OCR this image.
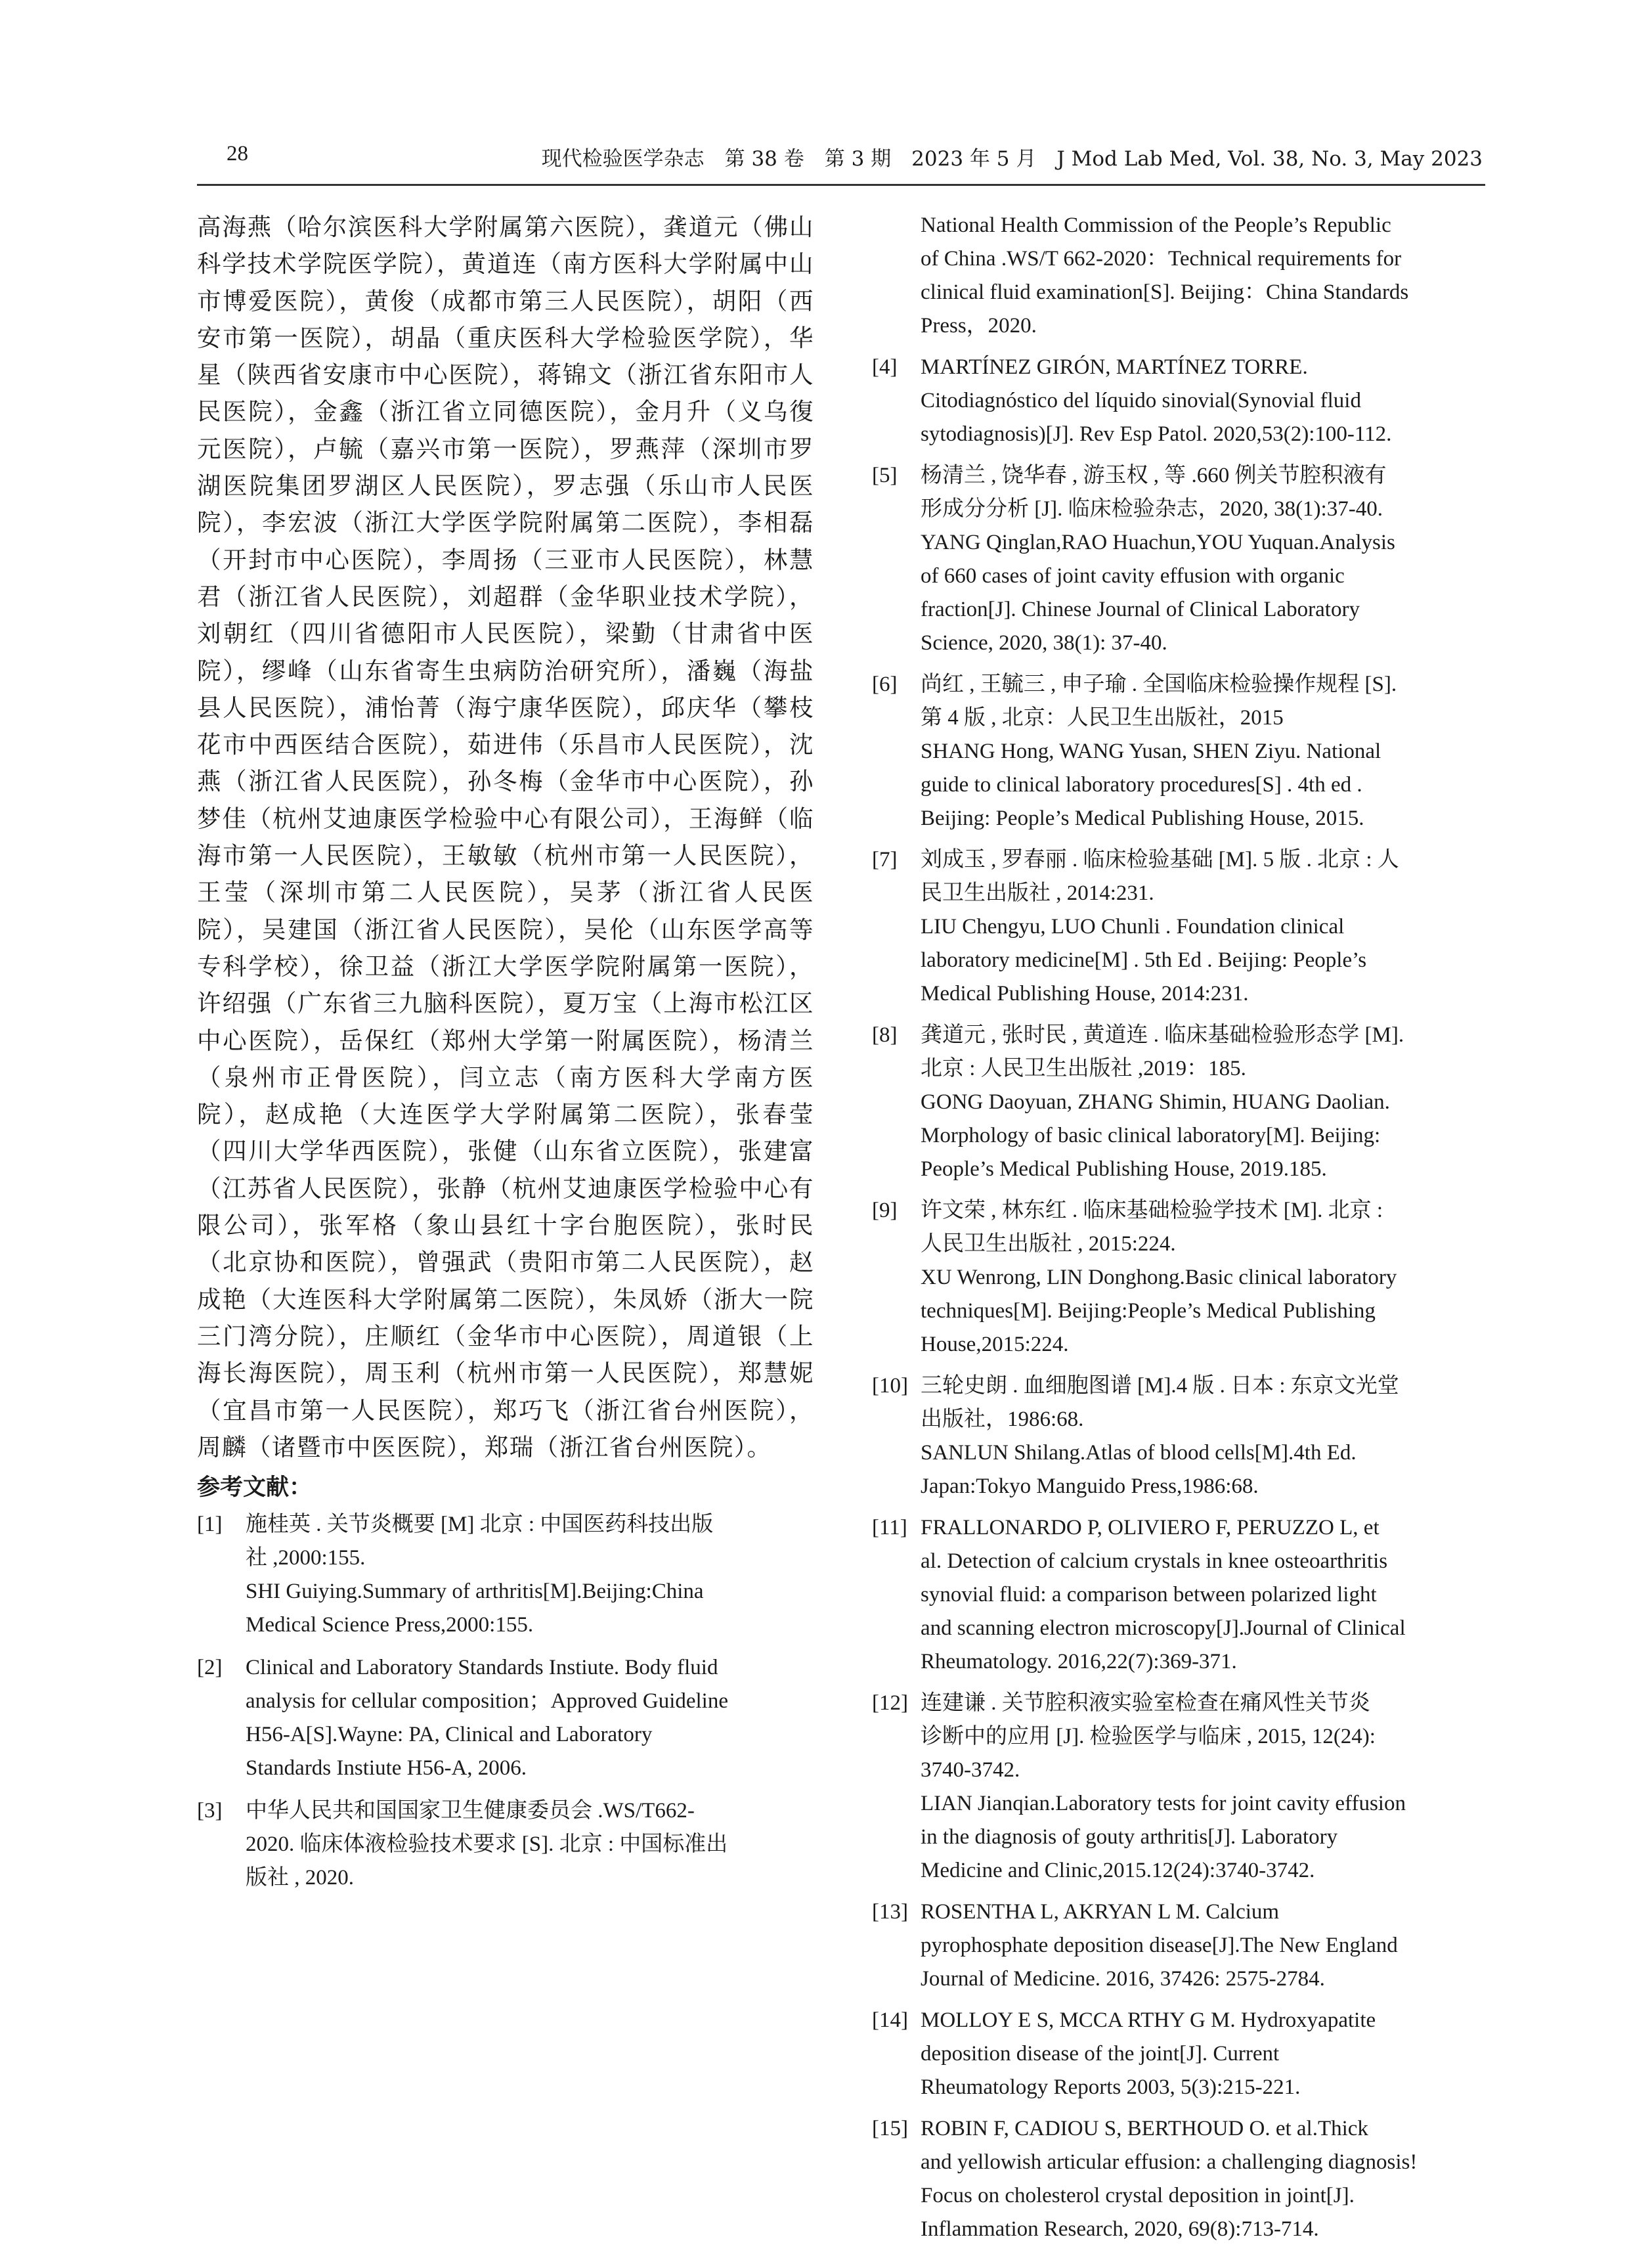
28	现代检验医学杂志　第 38 卷　第 3 期　2023 年 5 月　J Mod Lab Med, Vol. 38, No. 3, May 2023

高海燕（哈尔滨医科大学附属第六医院），龚道元（佛山科学技术学院医学院），黄道连（南方医科大学附属中山市博爱医院），黄俊（成都市第三人民医院），胡阳（西安市第一医院），胡晶（重庆医科大学检验医学院），华星（陕西省安康市中心医院），蒋锦文（浙江省东阳市人民医院），金鑫（浙江省立同德医院），金月升（义乌復元医院），卢毓（嘉兴市第一医院），罗燕萍（深圳市罗湖医院集团罗湖区人民医院），罗志强（乐山市人民医院），李宏波（浙江大学医学院附属第二医院），李相磊（开封市中心医院），李周扬（三亚市人民医院），林慧君（浙江省人民医院），刘超群（金华职业技术学院），刘朝红（四川省德阳市人民医院），梁勤（甘肃省中医院），缪峰（山东省寄生虫病防治研究所），潘巍（海盐县人民医院），浦怡菁（海宁康华医院），邱庆华（攀枝花市中西医结合医院），茹进伟（乐昌市人民医院），沈燕（浙江省人民医院），孙冬梅（金华市中心医院），孙梦佳（杭州艾迪康医学检验中心有限公司），王海鲜（临海市第一人民医院），王敏敏（杭州市第一人民医院），王莹（深圳市第二人民医院），吴茅（浙江省人民医院），吴建国（浙江省人民医院），吴伦（山东医学高等专科学校），徐卫益（浙江大学医学院附属第一医院），许绍强（广东省三九脑科医院），夏万宝（上海市松江区中心医院），岳保红（郑州大学第一附属医院），杨清兰（泉州市正骨医院），闫立志（南方医科大学南方医院），赵成艳（大连医学大学附属第二医院），张春莹（四川大学华西医院），张健（山东省立医院），张建富（江苏省人民医院），张静（杭州艾迪康医学检验中心有限公司），张军格（象山县红十字台胞医院），张时民（北京协和医院），曾强武（贵阳市第二人民医院），赵成艳（大连医科大学附属第二医院），朱凤娇（浙大一院三门湾分院），庄顺红（金华市中心医院），周道银（上海长海医院），周玉利（杭州市第一人民医院），郑慧妮（宜昌市第一人民医院），郑巧飞（浙江省台州医院），周麟（诸暨市中医医院），郑瑞（浙江省台州医院）。

参考文献：
[1]	施桂英 . 关节炎概要 [M] 北京 : 中国医药科技出版
社 ,2000:155.
SHI Guiying.Summary of arthritis[M].Beijing:China
Medical Science Press,2000:155.
[2]	Clinical and Laboratory Standards Instiute. Body fluid
analysis for cellular composition；Approved Guideline
H56-A[S].Wayne: PA, Clinical and Laboratory
Standards Instiute H56-A, 2006.
[3]	中华人民共和国国家卫生健康委员会 .WS/T662-
2020. 临床体液检验技术要求 [S]. 北京 : 中国标准出
版社 , 2020.
National Health Commission of the People’s Republic
of China .WS/T 662-2020：Technical requirements for
clinical fluid examination[S]. Beijing：China Standards
Press，2020.
[4]	MARTÍNEZ GIRÓN, MARTÍNEZ TORRE.
Citodiagnóstico del líquido sinovial(Synovial fluid
sytodiagnosis)[J]. Rev Esp Patol. 2020,53(2):100-112.
[5]	杨清兰 , 饶华春 , 游玉权 , 等 .660 例关节腔积液有
形成分分析 [J]. 临床检验杂志，2020, 38(1):37-40.
YANG Qinglan,RAO Huachun,YOU Yuquan.Analysis
of 660 cases of joint cavity effusion with organic
fraction[J]. Chinese Journal of Clinical Laboratory
Science, 2020, 38(1): 37-40.
[6]	尚红 , 王毓三 , 申子瑜 . 全国临床检验操作规程 [S].
第 4 版 , 北京：人民卫生出版社，2015
SHANG Hong, WANG Yusan, SHEN Ziyu. National
guide to clinical laboratory procedures[S] . 4th ed .
Beijing: People’s Medical Publishing House, 2015.
[7]	刘成玉 , 罗春丽 . 临床检验基础 [M]. 5 版 . 北京 : 人
民卫生出版社 , 2014:231.
LIU Chengyu, LUO Chunli . Foundation clinical
laboratory medicine[M] . 5th Ed . Beijing: People’s
Medical Publishing House, 2014:231.
[8]	龚道元 , 张时民 , 黄道连 . 临床基础检验形态学 [M].
北京 : 人民卫生出版社 ,2019：185.
GONG Daoyuan, ZHANG Shimin, HUANG Daolian.
Morphology of basic clinical laboratory[M]. Beijing:
People’s Medical Publishing House, 2019.185.
[9]	许文荣 , 林东红 . 临床基础检验学技术 [M]. 北京 :
人民卫生出版社 , 2015:224.
XU Wenrong, LIN Donghong.Basic clinical laboratory
techniques[M]. Beijing:People’s Medical Publishing
House,2015:224.
[10] 三轮史朗 . 血细胞图谱 [M].4 版 . 日本 : 东京文光堂
出版社，1986:68.
SANLUN Shilang.Atlas of blood cells[M].4th Ed.
Japan:Tokyo Manguido Press,1986:68.
[11] FRALLONARDO P, OLIVIERO F, PERUZZO L, et
al. Detection of calcium crystals in knee osteoarthritis
synovial fluid: a comparison between polarized light
and scanning electron microscopy[J].Journal of Clinical
Rheumatology. 2016,22(7):369-371.
[12] 连建谦 . 关节腔积液实验室检查在痛风性关节炎
诊断中的应用 [J]. 检验医学与临床 , 2015, 12(24):
3740-3742.
LIAN Jianqian.Laboratory tests for joint cavity effusion
in the diagnosis of gouty arthritis[J]. Laboratory
Medicine and Clinic,2015.12(24):3740-3742.
[13] ROSENTHA L, AKRYAN L M. Calcium
pyrophosphate deposition disease[J].The New England
Journal of Medicine. 2016, 37426: 2575-2784.
[14] MOLLOY E S, MCCA RTHY G M. Hydroxyapatite
deposition disease of the joint[J]. Current
Rheumatology Reports 2003, 5(3):215-221.
[15] ROBIN F, CADIOU S, BERTHOUD O. et al.Thick
and yellowish articular effusion: a challenging diagnosis!
Focus on cholesterol crystal deposition in joint[J].
Inflammation Research, 2020, 69(8):713-714.
